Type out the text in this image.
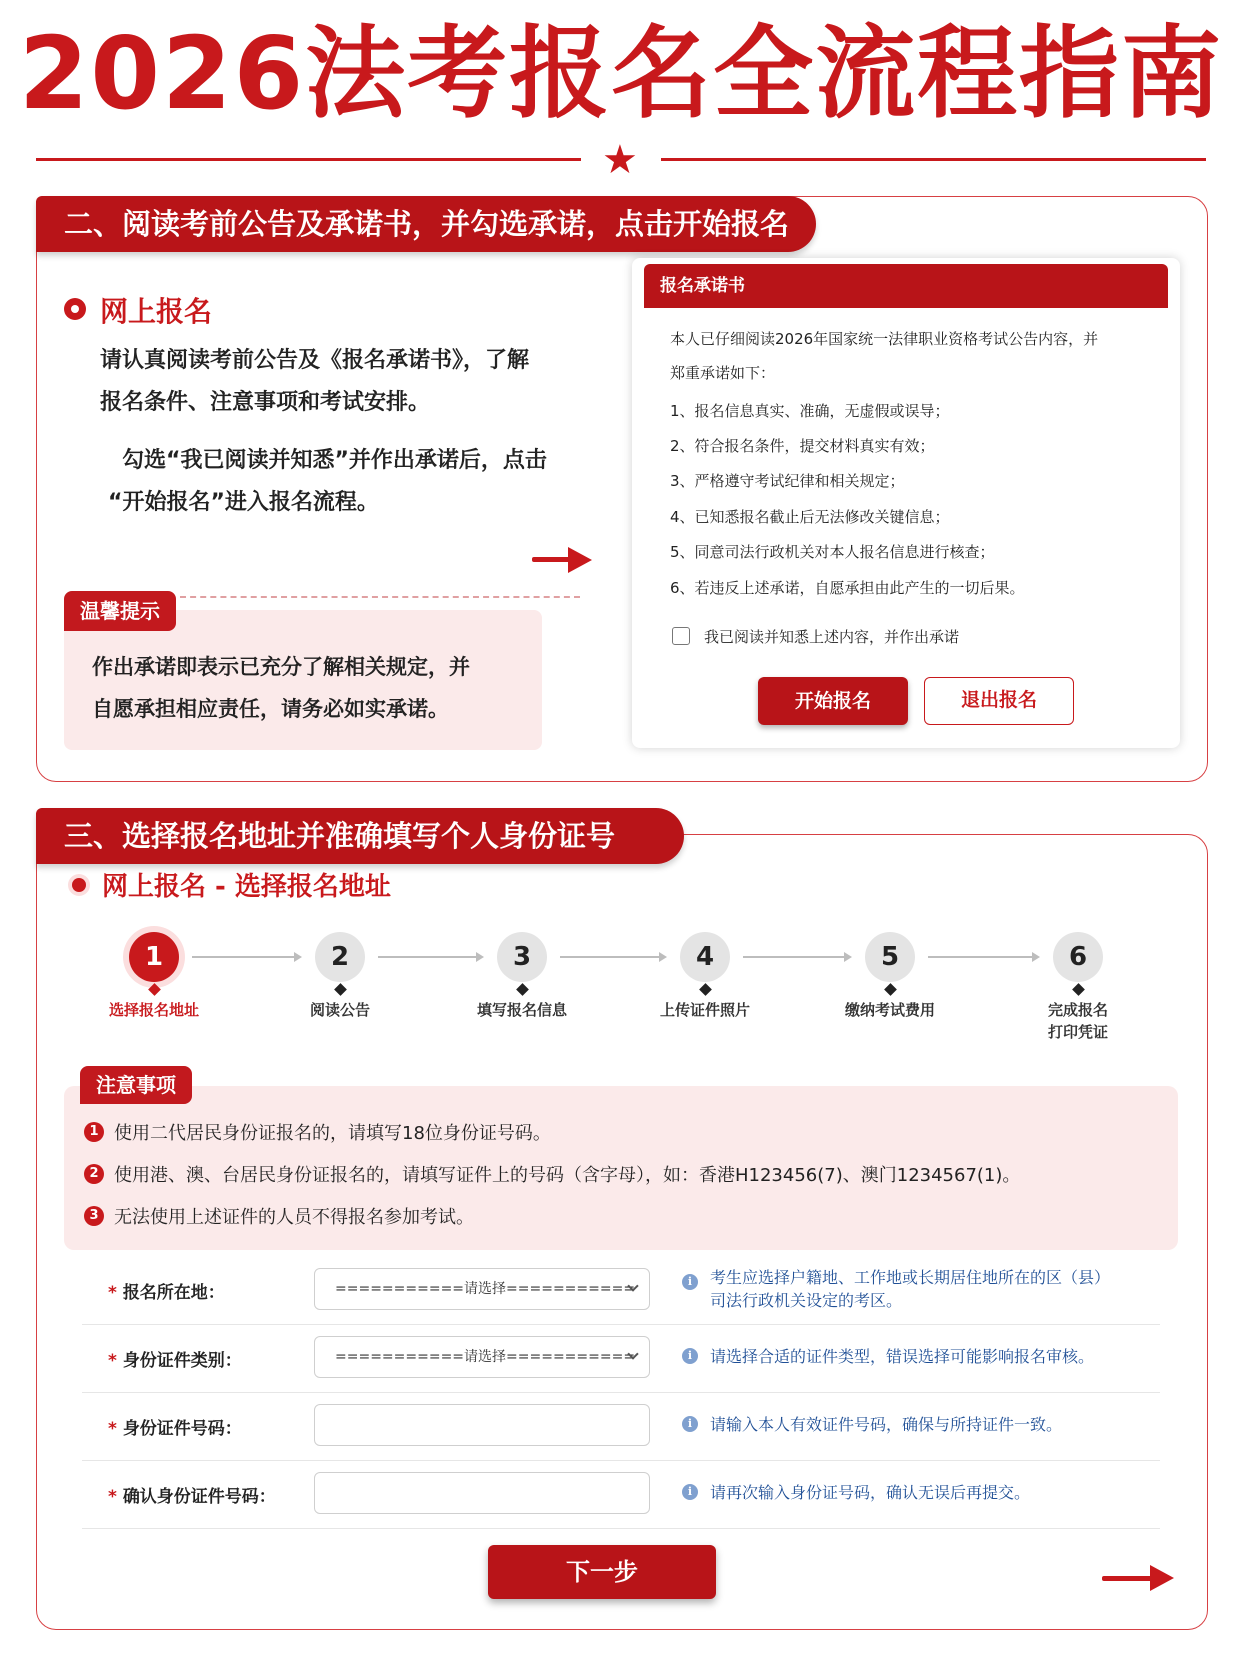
2026法考报名全流程指南
★
二、阅读考前公告及承诺书，并勾选承诺，点击开始报名
网上报名
请认真阅读考前公告及《报名承诺书》，了解
报名条件、注意事项和考试安排。
勾选“我已阅读并知悉”并作出承诺后，点击
“开始报名”进入报名流程。
温馨提示
作出承诺即表示已充分了解相关规定，并
自愿承担相应责任，请务必如实承诺。
报名承诺书
本人已仔细阅读2026年国家统一法律职业资格考试公告内容，并
郑重承诺如下：
1、报名信息真实、准确，无虚假或误导；
2、符合报名条件，提交材料真实有效；
3、严格遵守考试纪律和相关规定；
4、已知悉报名截止后无法修改关键信息；
5、同意司法行政机关对本人报名信息进行核查；
6、若违反上述承诺，自愿承担由此产生的一切后果。
我已阅读并知悉上述内容，并作出承诺
开始报名	退出报名
三、选择报名地址并准确填写个人身份证号
网上报名 - 选择报名地址
1
选择报名地址
2
阅读公告
3
填写报名信息
4
上传证件照片
5
缴纳考试费用
6
完成报名
打印凭证
注意事项
1 使用二代居民身份证报名的，请填写18位身份证号码。
2 使用港、澳、台居民身份证报名的，请填写证件上的号码（含字母），如：香港H123456(7)、澳门1234567(1)。
3 无法使用上述证件的人员不得报名参加考试。
* 报名所在地：	===========请选择===========	i	考生应选择户籍地、工作地或长期居住地所在的区（县）
司法行政机关设定的考区。
* 身份证件类别：	===========请选择===========	i	请选择合适的证件类型，错误选择可能影响报名审核。
* 身份证件号码：	i	请输入本人有效证件号码，确保与所持证件一致。
* 确认身份证件号码：	i	请再次输入身份证号码，确认无误后再提交。
下一步
